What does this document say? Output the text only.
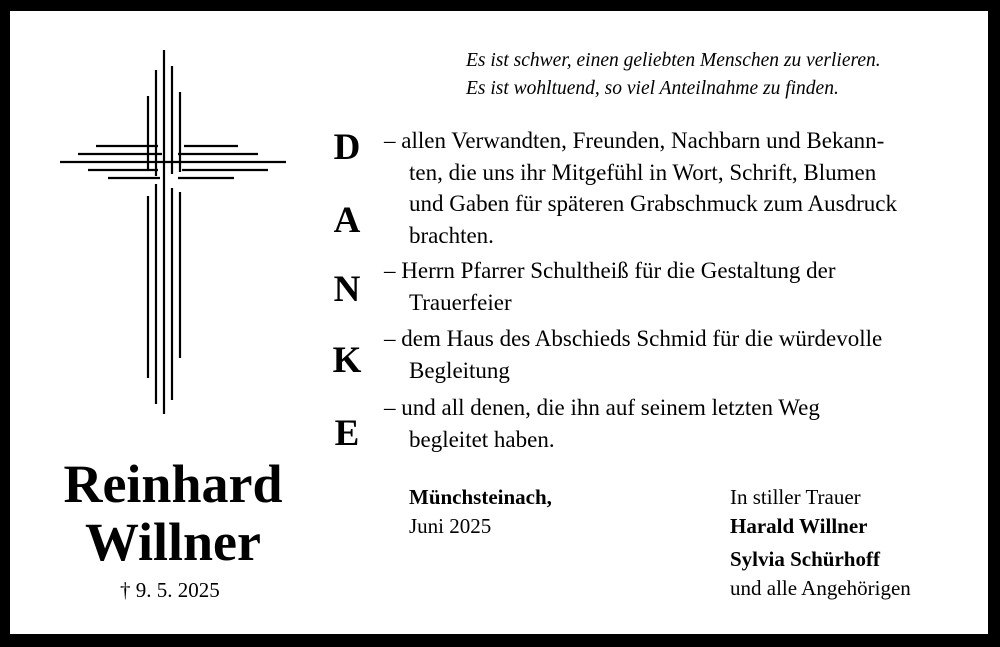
Reinhard
Willner
† 9. 5. 2025
Es ist schwer, einen geliebten Menschen zu verlieren.
Es ist wohltuend, so viel Anteilnahme zu finden.
D
A
N
K
E
– allen Verwandten, Freunden, Nachbarn und Bekann-
ten, die uns ihr Mitgefühl in Wort, Schrift, Blumen
und Gaben für späteren Grabschmuck zum Ausdruck
brachten.
– Herrn Pfarrer Schultheiß für die Gestaltung der
Trauerfeier
– dem Haus des Abschieds Schmid für die würdevolle
Begleitung
– und all denen, die ihn auf seinem letzten Weg
begleitet haben.
Münchsteinach,
Juni 2025
In stiller Trauer
Harald Willner
Sylvia Schürhoff
und alle Angehörigen
